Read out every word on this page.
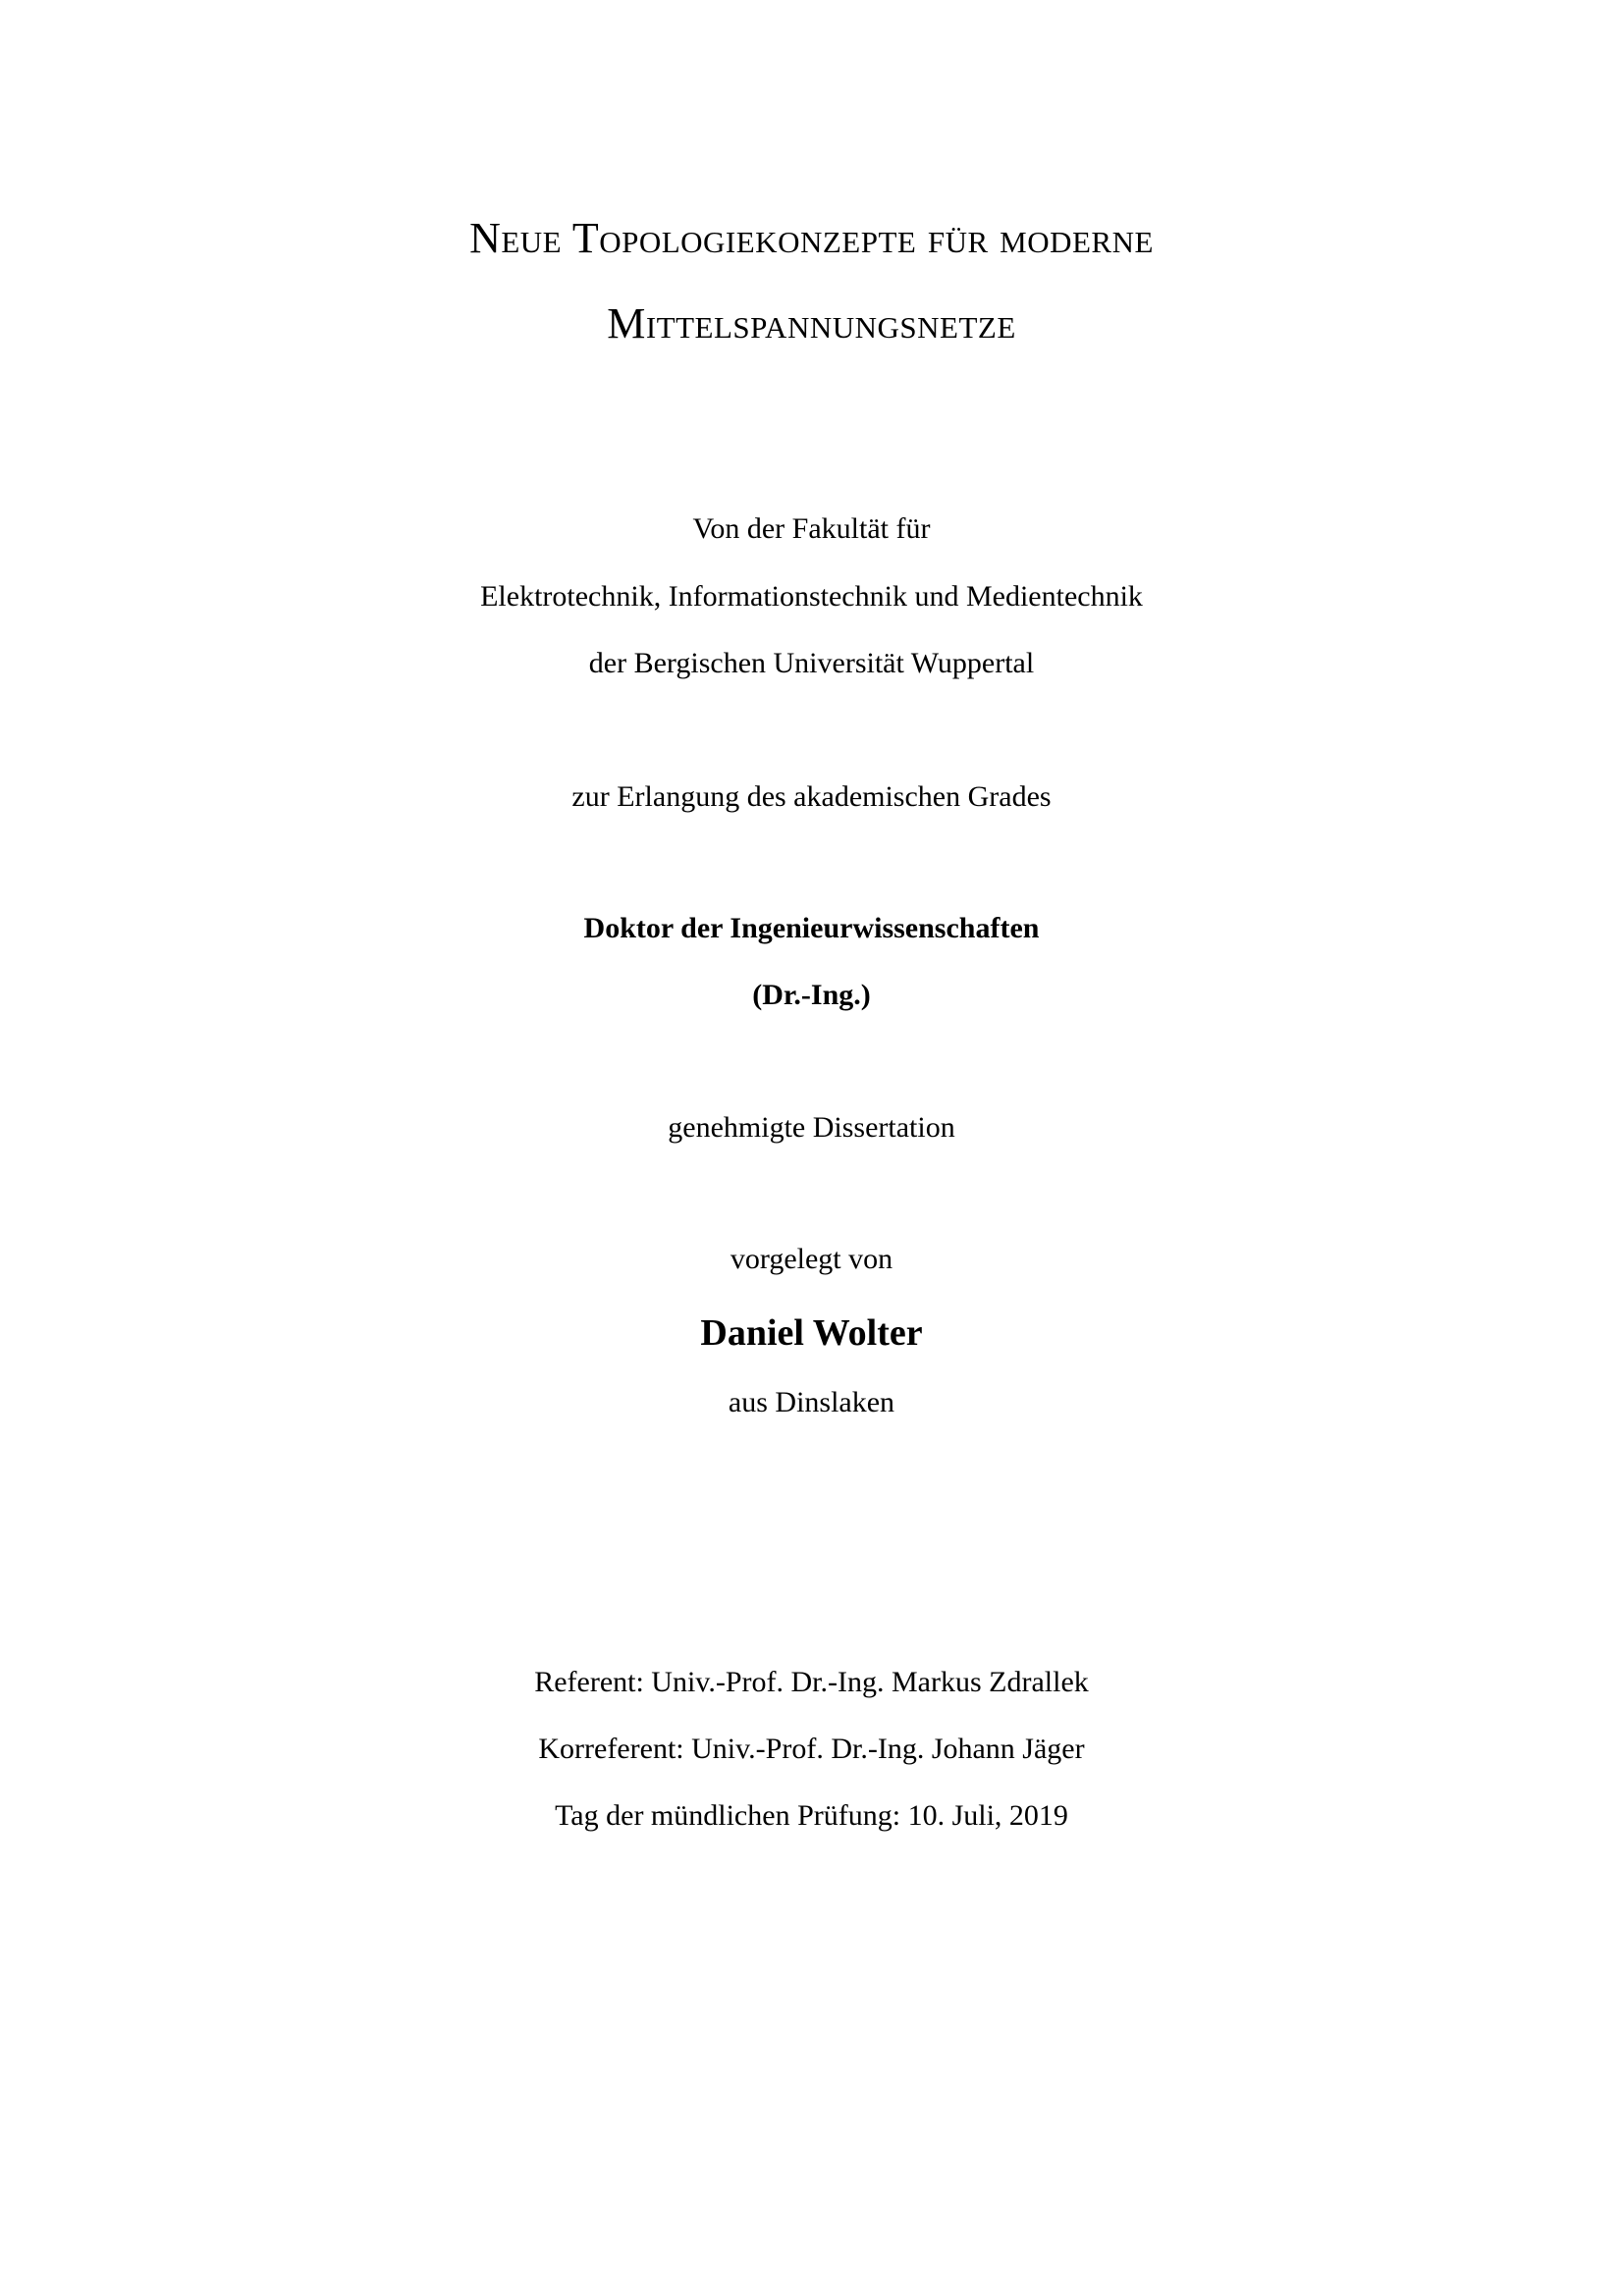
Neue Topologiekonzepte für moderne
Mittelspannungsnetze
Von der Fakultät für
Elektrotechnik, Informationstechnik und Medientechnik
der Bergischen Universität Wuppertal
zur Erlangung des akademischen Grades
Doktor der Ingenieurwissenschaften
(Dr.-Ing.)
genehmigte Dissertation
vorgelegt von
Daniel Wolter
aus Dinslaken
Referent: Univ.-Prof. Dr.-Ing. Markus Zdrallek
Korreferent: Univ.-Prof. Dr.-Ing. Johann Jäger
Tag der mündlichen Prüfung: 10. Juli, 2019
